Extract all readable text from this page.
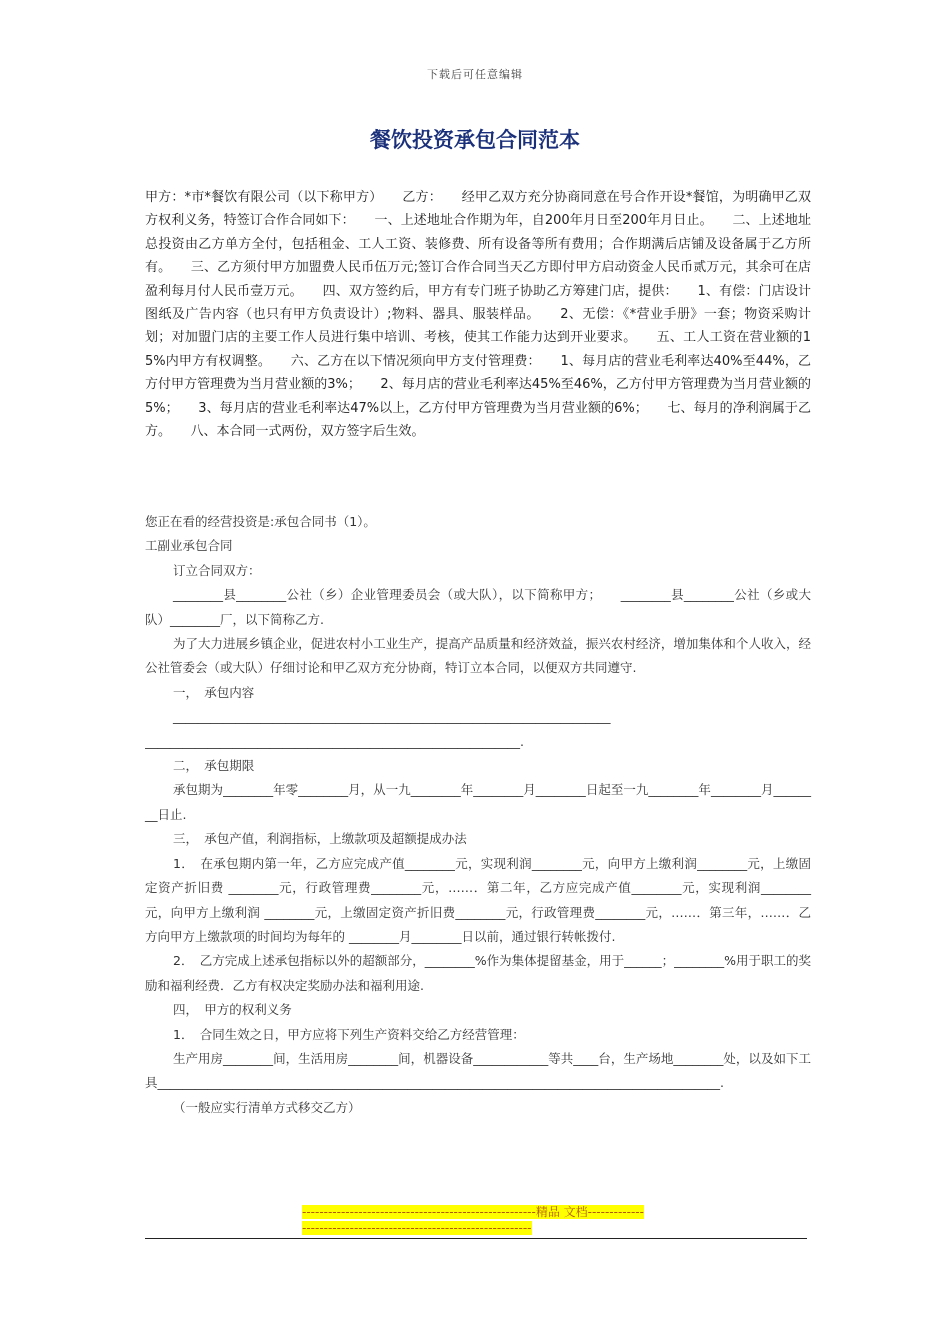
下载后可任意编辑
餐饮投资承包合同范本
甲方：*市*餐饮有限公司（以下称甲方）　　乙方：　　经甲乙双方充分协商同意在号合作开设*餐馆，为明确甲乙双方权利义务，特签订合作合同如下：　　一、上述地址合作期为年，自200年月日至200年月日止。　　二、上述地址总投资由乙方单方全付，包括租金、工人工资、装修费、所有设备等所有费用；合作期满后店铺及设备属于乙方所有。　　三、乙方须付甲方加盟费人民币伍万元;签订合作合同当天乙方即付甲方启动资金人民币贰万元，其余可在店盈利每月付人民币壹万元。　　四、双方签约后，甲方有专门班子协助乙方筹建门店，提供：　　1、有偿：门店设计图纸及广告内容（也只有甲方负责设计）;物料、器具、服装样品。　　2、无偿：《*营业手册》一套；物资采购计划；对加盟门店的主要工作人员进行集中培训、考核，使其工作能力达到开业要求。　　五、工人工资在营业额的15%内甲方有权调整。　　六、乙方在以下情况须向甲方支付管理费：　　1、每月店的营业毛利率达40%至44%，乙方付甲方管理费为当月营业额的3%；　　2、每月店的营业毛利率达45%至46%，乙方付甲方管理费为当月营业额的5%；　　3、每月店的营业毛利率达47%以上，乙方付甲方管理费为当月营业额的6%；　　七、每月的净利润属于乙方。　　八、本合同一式两份，双方签字后生效。

您正在看的经营投资是:承包合同书（1）。

工副业承包合同

订立合同双方：

________县________公社（乡）企业管理委员会（或大队），以下简称甲方；　　________县________公社（乡或大队）________厂，以下简称乙方.

为了大力进展乡镇企业，促进农村小工业生产，提高产品质量和经济效益，振兴农村经济，增加集体和个人收入，经公社管委会（或大队）仔细讨论和甲乙双方充分协商，特订立本合同，以便双方共同遵守.

一，　承包内容

______________________________________________________________________

____________________________________________________________.

二，　承包期限

承包期为________年零________月，从一九________年________月________日起至一九________年________月________日止.

三，　承包产值，利润指标，上缴款项及超额提成办法

1．　在承包期内第一年，乙方应完成产值________元，实现利润________元，向甲方上缴利润________元，上缴固定资产折旧费 ________元，行政管理费________元，……．第二年，乙方应完成产值________元，实现利润________元，向甲方上缴利润 ________元，上缴固定资产折旧费________元，行政管理费________元，……．第三年，……．乙方向甲方上缴款项的时间均为每年的 ________月________日以前，通过银行转帐拨付.

2．　乙方完成上述承包指标以外的超额部分，________%作为集体提留基金，用于______；________%用于职工的奖励和福利经费．乙方有权决定奖励办法和福利用途.

四，　甲方的权利义务

1．　合同生效之日，甲方应将下列生产资料交给乙方经营管理：

生产用房________间，生活用房________间，机器设备____________等共____台，生产场地________处，以及如下工具__________________________________________________________________________________________.

（一般应实行清单方式移交乙方）

------------------------------------------------------精品 文档------------------------------------------------------------------
